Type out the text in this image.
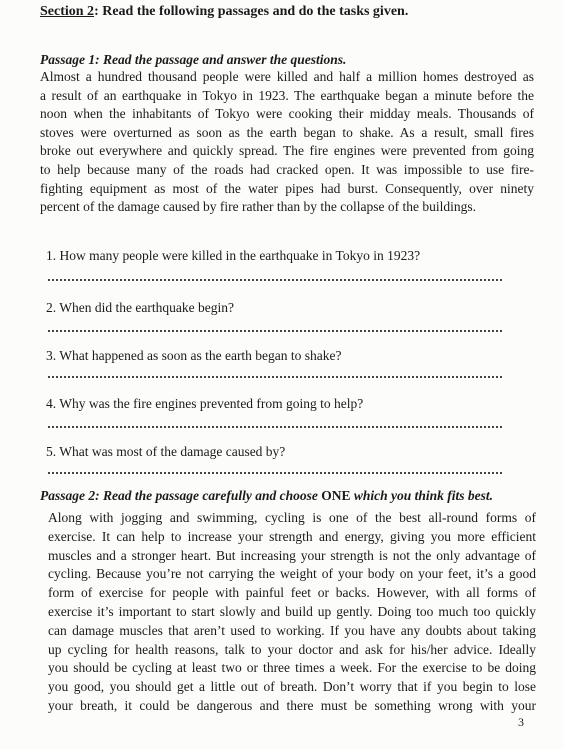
Section 2: Read the following passages and do the tasks given.
Passage 1: Read the passage and answer the questions.
Almost a hundred thousand people were killed and half a million homes destroyed as
a result of an earthquake in Tokyo in 1923. The earthquake began a minute before the
noon when the inhabitants of Tokyo were cooking their midday meals. Thousands of
stoves were overturned as soon as the earth began to shake. As a result, small fires
broke out everywhere and quickly spread. The fire engines were prevented from going
to help because many of the roads had cracked open. It was impossible to use fire-
fighting equipment as most of the water pipes had burst. Consequently, over ninety
percent of the damage caused by fire rather than by the collapse of the buildings.
1. How many people were killed in the earthquake in Tokyo in 1923?
2. When did the earthquake begin?
3. What happened as soon as the earth began to shake?
4. Why was the fire engines prevented from going to help?
5. What was most of the damage caused by?
Passage 2: Read the passage carefully and choose ONE which you think fits best.
Along with jogging and swimming, cycling is one of the best all-round forms of
exercise. It can help to increase your strength and energy, giving you more efficient
muscles and a stronger heart. But increasing your strength is not the only advantage of
cycling. Because you’re not carrying the weight of your body on your feet, it’s a good
form of exercise for people with painful feet or backs. However, with all forms of
exercise it’s important to start slowly and build up gently. Doing too much too quickly
can damage muscles that aren’t used to working. If you have any doubts about taking
up cycling for health reasons, talk to your doctor and ask for his/her advice. Ideally
you should be cycling at least two or three times a week. For the exercise to be doing
you good, you should get a little out of breath. Don’t worry that if you begin to lose
your breath, it could be dangerous and there must be something wrong with your
3
